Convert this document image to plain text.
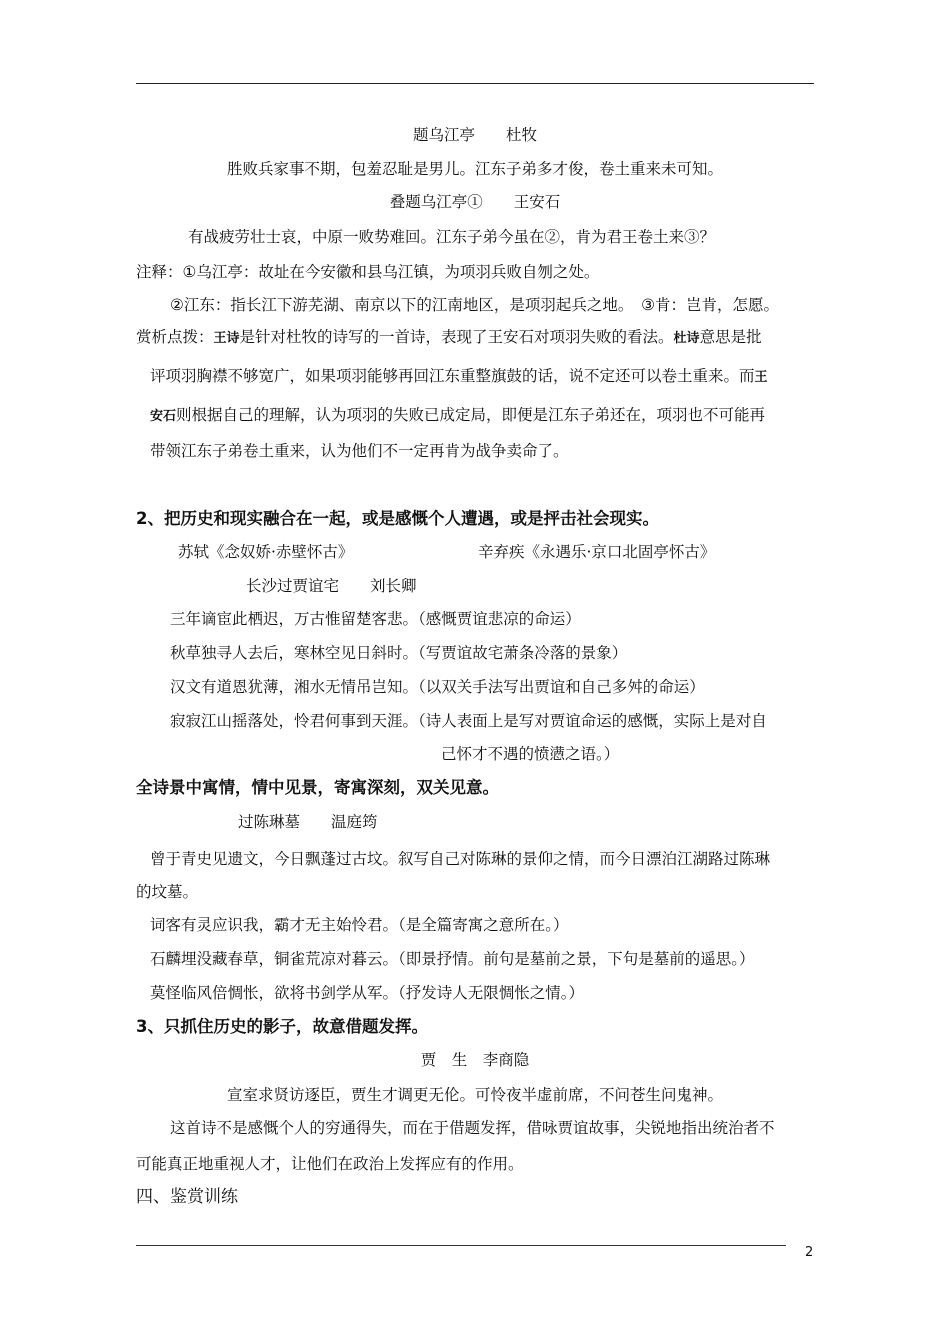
题乌江亭　　杜牧
胜败兵家事不期，包羞忍耻是男儿。江东子弟多才俊，卷土重来未可知。
叠题乌江亭①　　王安石
有战疲劳壮士哀，中原一败势难回。江东子弟今虽在②，肯为君王卷土来③？
注释：①乌江亭：故址在今安徽和县乌江镇，为项羽兵败自刎之处。
②江东：指长江下游芜湖、南京以下的江南地区，是项羽起兵之地。　③肯：岂肯，怎愿。
赏析点拨：王诗是针对杜牧的诗写的一首诗，表现了王安石对项羽失败的看法。杜诗意思是批
评项羽胸襟不够宽广，如果项羽能够再回江东重整旗鼓的话，说不定还可以卷土重来。而王
安石则根据自己的理解，认为项羽的失败已成定局，即便是江东子弟还在，项羽也不可能再
带领江东子弟卷土重来，认为他们不一定再肯为战争卖命了。
2、把历史和现实融合在一起，或是感慨个人遭遇，或是抨击社会现实。
苏轼《念奴娇·赤壁怀古》	辛弃疾《永遇乐·京口北固亭怀古》
长沙过贾谊宅　　刘长卿
三年谪宦此栖迟，万古惟留楚客悲。（感慨贾谊悲凉的命运）
秋草独寻人去后，寒林空见日斜时。（写贾谊故宅萧条冷落的景象）
汉文有道恩犹薄，湘水无情吊岂知。（以双关手法写出贾谊和自己多舛的命运）
寂寂江山摇落处，怜君何事到天涯。（诗人表面上是写对贾谊命运的感慨，实际上是对自
己怀才不遇的愤懑之语。）
全诗景中寓情，情中见景，寄寓深刻，双关见意。
过陈琳墓　　温庭筠
曾于青史见遗文，今日飘蓬过古坟。叙写自己对陈琳的景仰之情，而今日漂泊江湖路过陈琳
的坟墓。
词客有灵应识我，霸才无主始怜君。（是全篇寄寓之意所在。）
石麟埋没藏春草，铜雀荒凉对暮云。（即景抒情。前句是墓前之景，下句是墓前的遥思。）
莫怪临风倍惆怅，欲将书剑学从军。（抒发诗人无限惆怅之情。）
3、只抓住历史的影子，故意借题发挥。
贾　生　李商隐
宣室求贤访逐臣，贾生才调更无伦。可怜夜半虚前席，不问苍生问鬼神。
这首诗不是感慨个人的穷通得失，而在于借题发挥，借咏贾谊故事，尖锐地指出统治者不
可能真正地重视人才，让他们在政治上发挥应有的作用。
四、鉴赏训练
2
